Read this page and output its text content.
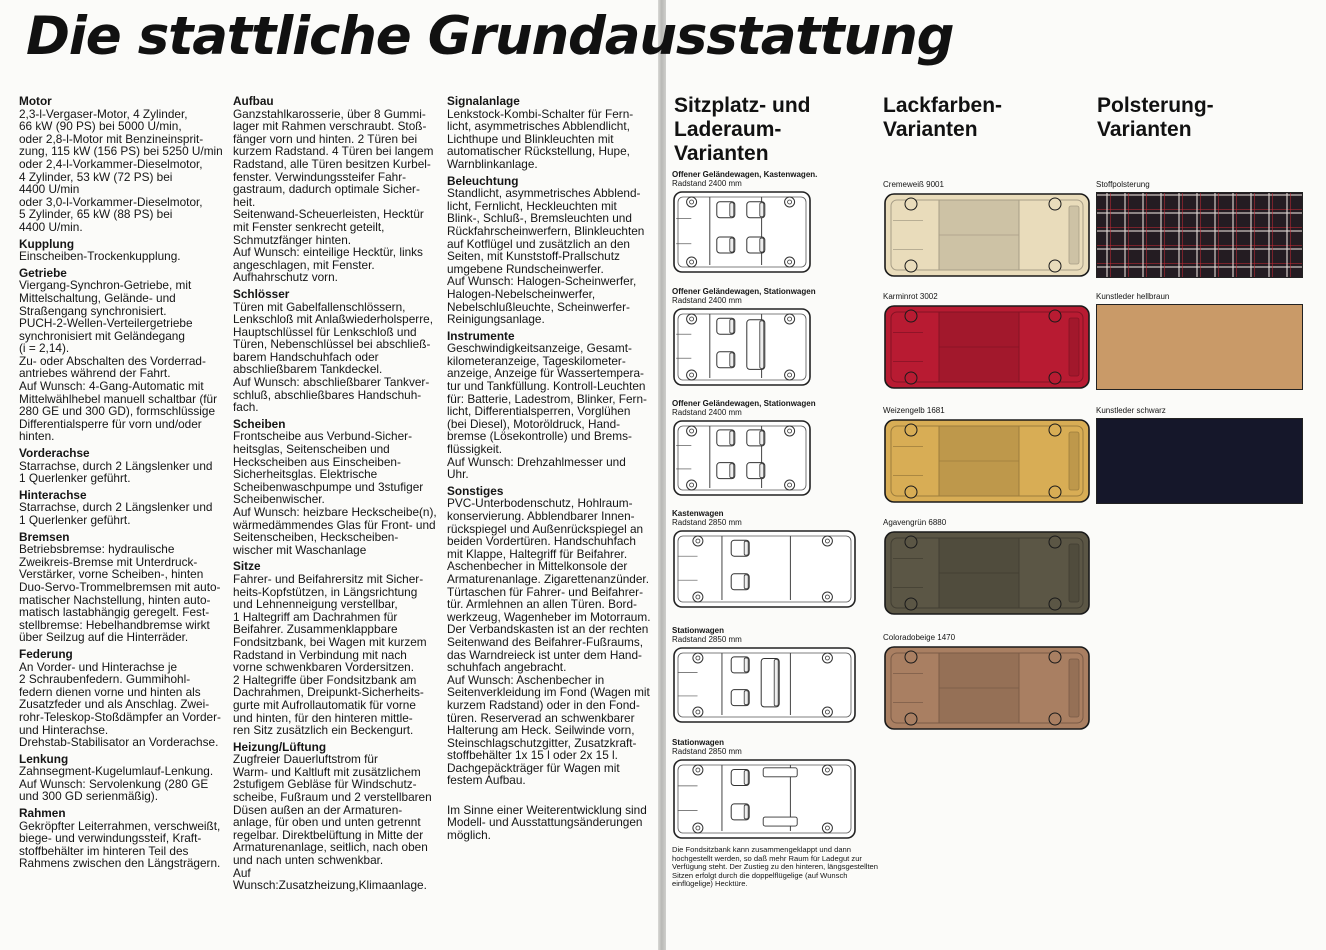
Die stattliche Grundausstattung
Motor
2,3-l-Vergaser-Motor, 4 Zylinder,
66 kW (90 PS) bei 5000 U/min,
oder 2,8-l-Motor mit Benzineinsprit-
zung, 115 kW (156 PS) bei 5250 U/min
oder 2,4-l-Vorkammer-Dieselmotor,
4 Zylinder, 53 kW (72 PS) bei
4400 U/min
oder 3,0-l-Vorkammer-Dieselmotor,
5 Zylinder, 65 kW (88 PS) bei
4400 U/min.
Kupplung
Einscheiben-Trockenkupplung.
Getriebe
Viergang-Synchron-Getriebe, mit
Mittelschaltung, Gelände- und
Straßengang synchronisiert.
PUCH-2-Wellen-Verteilergetriebe
synchronisiert mit Geländegang
(i = 2,14).
Zu- oder Abschalten des Vorderrad-
antriebes während der Fahrt.
Auf Wunsch: 4-Gang-Automatic mit
Mittelwählhebel manuell schaltbar (für
280 GE und 300 GD), formschlüssige
Differentialsperre für vorn und/oder
hinten.
Vorderachse
Starrachse, durch 2 Längslenker und
1 Querlenker geführt.
Hinterachse
Starrachse, durch 2 Längslenker und
1 Querlenker geführt.
Bremsen
Betriebsbremse: hydraulische
Zweikreis-Bremse mit Unterdruck-
Verstärker, vorne Scheiben-, hinten
Duo-Servo-Trommelbremsen mit auto-
matischer Nachstellung, hinten auto-
matisch lastabhängig geregelt. Fest-
stellbremse: Hebelhandbremse wirkt
über Seilzug auf die Hinterräder.
Federung
An Vorder- und Hinterachse je
2 Schraubenfedern. Gummihohl-
federn dienen vorne und hinten als
Zusatzfeder und als Anschlag. Zwei-
rohr-Teleskop-Stoßdämpfer an Vorder-
und Hinterachse.
Drehstab-Stabilisator an Vorderachse.
Lenkung
Zahnsegment-Kugelumlauf-Lenkung.
Auf Wunsch: Servolenkung (280 GE
und 300 GD serienmäßig).
Rahmen
Gekröpfter Leiterrahmen, verschweißt,
biege- und verwindungssteif, Kraft-
stoffbehälter im hinteren Teil des
Rahmens zwischen den Längsträgern.
Aufbau
Ganzstahlkarosserie, über 8 Gummi-
lager mit Rahmen verschraubt. Stoß-
fänger vorn und hinten. 2 Türen bei
kurzem Radstand. 4 Türen bei langem
Radstand, alle Türen besitzen Kurbel-
fenster. Verwindungssteifer Fahr-
gastraum, dadurch optimale Sicher-
heit.
Seitenwand-Scheuerleisten, Hecktür
mit Fenster senkrecht geteilt,
Schmutzfänger hinten.
Auf Wunsch: einteilige Hecktür, links
angeschlagen, mit Fenster.
Aufhahrschutz vorn.
Schlösser
Türen mit Gabelfallenschlössern,
Lenkschloß mit Anlaßwiederholsperre,
Hauptschlüssel für Lenkschloß und
Türen, Nebenschlüssel bei abschließ-
barem Handschuhfach oder
abschließbarem Tankdeckel.
Auf Wunsch: abschließbarer Tankver-
schluß, abschließbares Handschuh-
fach.
Scheiben
Frontscheibe aus Verbund-Sicher-
heitsglas, Seitenscheiben und
Heckscheiben aus Einscheiben-
Sicherheitsglas. Elektrische
Scheibenwaschpumpe und 3stufiger
Scheibenwischer.
Auf Wunsch: heizbare Heckscheibe(n),
wärmedämmendes Glas für Front- und
Seitenscheiben, Heckscheiben-
wischer mit Waschanlage
Sitze
Fahrer- und Beifahrersitz mit Sicher-
heits-Kopfstützen, in Längsrichtung
und Lehnenneigung verstellbar,
1 Haltegriff am Dachrahmen für
Beifahrer. Zusammenklappbare
Fondsitzbank, bei Wagen mit kurzem
Radstand in Verbindung mit nach
vorne schwenkbaren Vordersitzen.
2 Haltegriffe über Fondsitzbank am
Dachrahmen, Dreipunkt-Sicherheits-
gurte mit Aufrollautomatik für vorne
und hinten, für den hinteren mittle-
ren Sitz zusätzlich ein Beckengurt.
Heizung/Lüftung
Zugfreier Dauerluftstrom für
Warm- und Kaltluft mit zusätzlichem
2stufigem Gebläse für Windschutz-
scheibe, Fußraum und 2 verstellbaren
Düsen außen an der Armaturen-
anlage, für oben und unten getrennt
regelbar. Direktbelüftung in Mitte der
Armaturenanlage, seitlich, nach oben
und nach unten schwenkbar.
Auf Wunsch:Zusatzheizung,Klimaanlage.
Signalanlage
Lenkstock-Kombi-Schalter für Fern-
licht, asymmetrisches Abblendlicht,
Lichthupe und Blinkleuchten mit
automatischer Rückstellung, Hupe,
Warnblinkanlage.
Beleuchtung
Standlicht, asymmetrisches Abblend-
licht, Fernlicht, Heckleuchten mit
Blink-, Schluß-, Bremsleuchten und
Rückfahrscheinwerfern, Blinkleuchten
auf Kotflügel und zusätzlich an den
Seiten, mit Kunststoff-Prallschutz
umgebene Rundscheinwerfer.
Auf Wunsch: Halogen-Scheinwerfer,
Halogen-Nebelscheinwerfer,
Nebelschlußleuchte, Scheinwerfer-
Reinigungsanlage.
Instrumente
Geschwindigkeitsanzeige, Gesamt-
kilometeranzeige, Tageskilometer-
anzeige, Anzeige für Wassertempera-
tur und Tankfüllung. Kontroll-Leuchten
für: Batterie, Ladestrom, Blinker, Fern-
licht, Differentialsperren, Vorglühen
(bei Diesel), Motoröldruck, Hand-
bremse (Lösekontrolle) und Brems-
flüssigkeit.
Auf Wunsch: Drehzahlmesser und
Uhr.
Sonstiges
PVC-Unterbodenschutz, Hohlraum-
konservierung. Abblendbarer Innen-
rückspiegel und Außenrückspiegel an
beiden Vordertüren. Handschuhfach
mit Klappe, Haltegriff für Beifahrer.
Aschenbecher in Mittelkonsole der
Armaturenanlage. Zigarettenanzünder.
Türtaschen für Fahrer- und Beifahrer-
tür. Armlehnen an allen Türen. Bord-
werkzeug, Wagenheber im Motorraum.
Der Verbandskasten ist an der rechten
Seitenwand des Beifahrer-Fußraums,
das Warndreieck ist unter dem Hand-
schuhfach angebracht.
Auf Wunsch: Aschenbecher in
Seitenverkleidung im Fond (Wagen mit
kurzem Radstand) oder in den Fond-
türen. Reserverad an schwenkbarer
Halterung am Heck. Seilwinde vorn,
Steinschlagschutzgitter, Zusatzkraft-
stoffbehälter 1x 15 l oder 2x 15 l.
Dachgepäckträger für Wagen mit
festem Aufbau.

Im Sinne einer Weiterentwicklung sind
Modell- und Ausstattungsänderungen
möglich.
Sitzplatz- und
Laderaum-
Varianten
Lackfarben-
Varianten
Polsterung-
Varianten
Offener Geländewagen, Kastenwagen.
Radstand 2400 mm
Offener Geländewagen, Stationwagen
Radstand 2400 mm
Offener Geländewagen, Stationwagen
Radstand 2400 mm
Kastenwagen
Radstand 2850 mm
Stationwagen
Radstand 2850 mm
Stationwagen
Radstand 2850 mm
Cremeweiß 9001
Karminrot 3002
Weizengelb 1681
Agavengrün 6880
Coloradobeige 1470
Stoffpolsterung
Kunstleder hellbraun
Kunstleder schwarz
Die Fondsitzbank kann zusammengeklappt und dann hochgestellt werden, so daß mehr Raum für Ladegut zur Verfügung steht. Der Zustieg zu den hinteren, längsgestellten Sitzen erfolgt durch die doppelflügelige (auf Wunsch einflügelige) Hecktüre.
